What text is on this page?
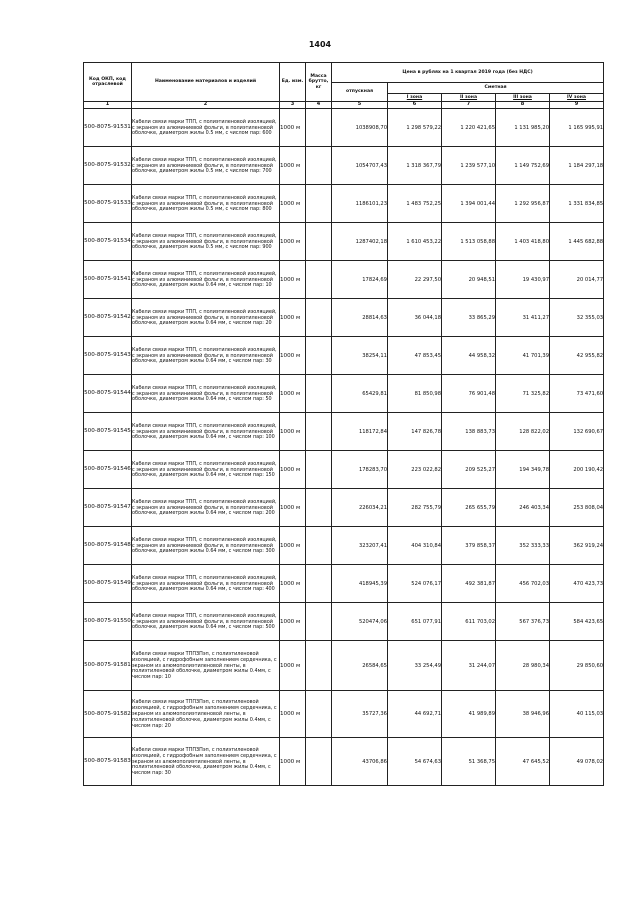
1404
Код ОКП, код отраслевой	Наименование материалов и изделий	Ед. изм.	Масса брутто, кг	Цена в рублях на 1 квартал 2019 года (без НДС)				
				отпускная	Сметная			
					I зона	II зона	III зона	IV зона
1	2	3	4	5	6	7	8	9
500-8075-91531	Кабели связи марки ТПП, с полиэтиленовой изоляцией, с экраном из алюминиевой фольги, в полиэтиленовой оболочке, диаметром жилы 0.5 мм, с числом пар: 600	1000 м		1038908,70	1 298 579,22	1 220 421,65	1 131 985,20	1 165 995,91
500-8075-91532	Кабели связи марки ТПП, с полиэтиленовой изоляцией, с экраном из алюминиевой фольги, в полиэтиленовой оболочке, диаметром жилы 0.5 мм, с числом пар: 700	1000 м		1054707,43	1 318 367,79	1 239 577,10	1 149 752,69	1 184 297,18
500-8075-91533	Кабели связи марки ТПП, с полиэтиленовой изоляцией, с экраном из алюминиевой фольги, в полиэтиленовой оболочке, диаметром жилы 0.5 мм, с числом пар: 800	1000 м		1186101,23	1 483 752,25	1 394 001,44	1 292 956,87	1 331 834,85
500-8075-91534	Кабели связи марки ТПП, с полиэтиленовой изоляцией, с экраном из алюминиевой фольги, в полиэтиленовой оболочке, диаметром жилы 0.5 мм, с числом пар: 900	1000 м		1287402,18	1 610 453,22	1 513 058,88	1 403 418,80	1 445 682,88
500-8075-91541	Кабели связи марки ТПП, с полиэтиленовой изоляцией, с экраном из алюминиевой фольги, в полиэтиленовой оболочке, диаметром жилы 0.64 мм, с числом пар: 10	1000 м		17824,69	22 297,50	20 948,51	19 430,97	20 014,77
500-8075-91542	Кабели связи марки ТПП, с полиэтиленовой изоляцией, с экраном из алюминиевой фольги, в полиэтиленовой оболочке, диаметром жилы 0.64 мм, с числом пар: 20	1000 м		28814,63	36 044,18	33 865,29	31 411,27	32 355,03
500-8075-91543	Кабели связи марки ТПП, с полиэтиленовой изоляцией, с экраном из алюминиевой фольги, в полиэтиленовой оболочке, диаметром жилы 0.64 мм, с числом пар: 30	1000 м		38254,11	47 853,45	44 958,32	41 701,39	42 955,82
500-8075-91544	Кабели связи марки ТПП, с полиэтиленовой изоляцией, с экраном из алюминиевой фольги, в полиэтиленовой оболочке, диаметром жилы 0.64 мм, с числом пар: 50	1000 м		65429,81	81 850,98	76 901,48	71 325,82	73 471,60
500-8075-91545	Кабели связи марки ТПП, с полиэтиленовой изоляцией, с экраном из алюминиевой фольги, в полиэтиленовой оболочке, диаметром жилы 0.64 мм, с числом пар: 100	1000 м		118172,84	147 826,78	138 883,73	128 822,02	132 690,67
500-8075-91546	Кабели связи марки ТПП, с полиэтиленовой изоляцией, с экраном из алюминиевой фольги, в полиэтиленовой оболочке, диаметром жилы 0.64 мм, с числом пар: 150	1000 м		178283,70	223 022,82	209 525,27	194 349,78	200 190,42
500-8075-91547	Кабели связи марки ТПП, с полиэтиленовой изоляцией, с экраном из алюминиевой фольги, в полиэтиленовой оболочке, диаметром жилы 0.64 мм, с числом пар: 200	1000 м		226034,21	282 755,79	265 655,79	246 403,34	253 808,04
500-8075-91548	Кабели связи марки ТПП, с полиэтиленовой изоляцией, с экраном из алюминиевой фольги, в полиэтиленовой оболочке, диаметром жилы 0.64 мм, с числом пар: 300	1000 м		323207,41	404 310,84	379 858,37	352 333,33	362 919,24
500-8075-91549	Кабели связи марки ТПП, с полиэтиленовой изоляцией, с экраном из алюминиевой фольги, в полиэтиленовой оболочке, диаметром жилы 0.64 мм, с числом пар: 400	1000 м		418945,39	524 076,17	492 381,87	456 702,03	470 423,73
500-8075-91550	Кабели связи марки ТПП, с полиэтиленовой изоляцией, с экраном из алюминиевой фольги, в полиэтиленовой оболочке, диаметром жилы 0.64 мм, с числом пар: 500	1000 м		520474,06	651 077,91	611 703,02	567 376,73	584 423,65
500-8075-91581	Кабели связи марки ТППЗПэп, с полиэтиленовой изоляцией, с гидрофобным заполнением сердечника, с экраном из алюмополиэтиленовой ленты, в полиэтиленовой оболочке, диаметром жилы 0.4мм, с числом пар: 10	1000 м		26584,65	33 254,49	31 244,07	28 980,34	29 850,60
500-8075-91582	Кабели связи марки ТППЗПэп, с полиэтиленовой изоляцией, с гидрофобным заполнением сердечника, с экраном из алюмополиэтиленовой ленты, в полиэтиленовой оболочке, диаметром жилы 0.4мм, с числом пар: 20	1000 м		35727,36	44 692,71	41 989,89	38 946,96	40 115,03
500-8075-91583	Кабели связи марки ТППЗПэп, с полиэтиленовой изоляцией, с гидрофобным заполнением сердечника, с экраном из алюмополиэтиленовой ленты, в полиэтиленовой оболочке, диаметром жилы 0.4мм, с числом пар: 30	1000 м		43706,86	54 674,63	51 368,75	47 645,52	49 078,02
